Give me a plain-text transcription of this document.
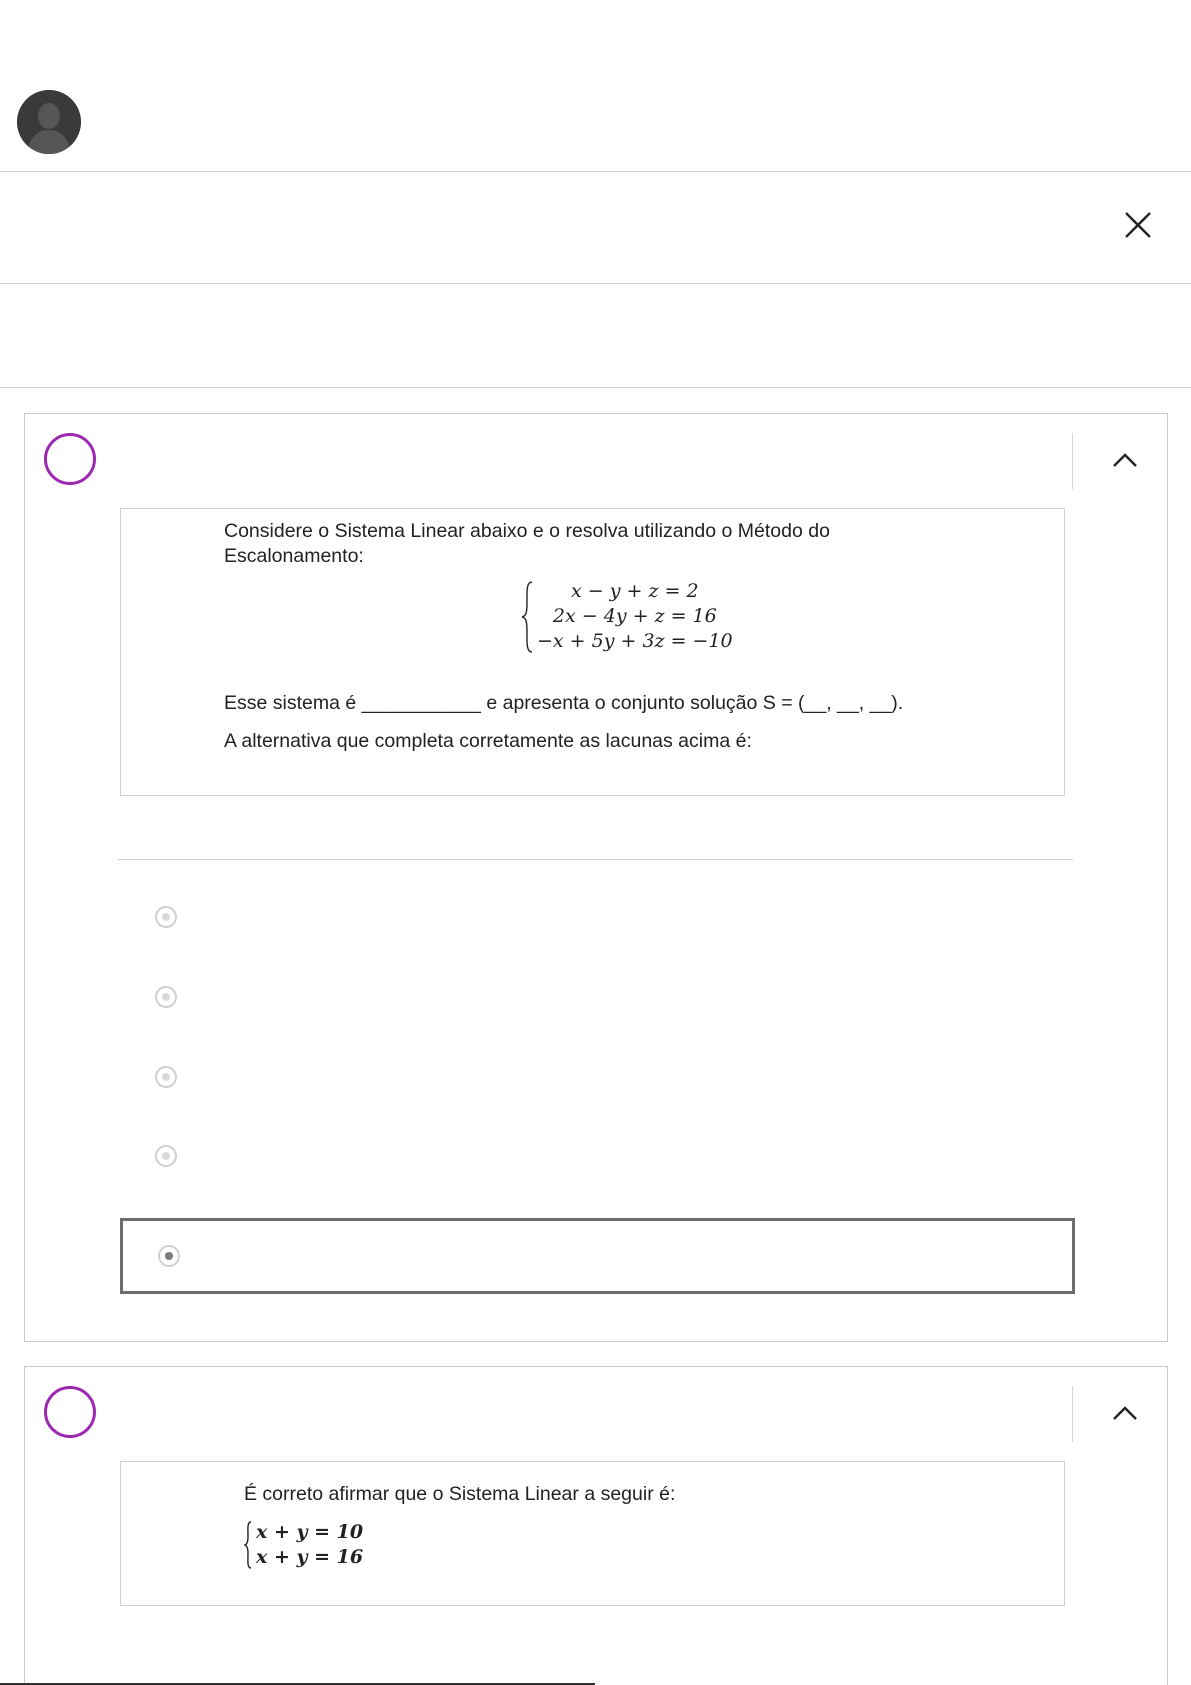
Considere o Sistema Linear abaixo e o resolva utilizando o Método do
Escalonamento:
x − y + z = 2
2x − 4y + z = 16
−x + 5y + 3z = −10
Esse sistema é ___________ e apresenta o conjunto solução S = (__, __, __).
A alternativa que completa corretamente as lacunas acima é:
É correto afirmar que o Sistema Linear a seguir é:
x + y = 10
x + y = 16
